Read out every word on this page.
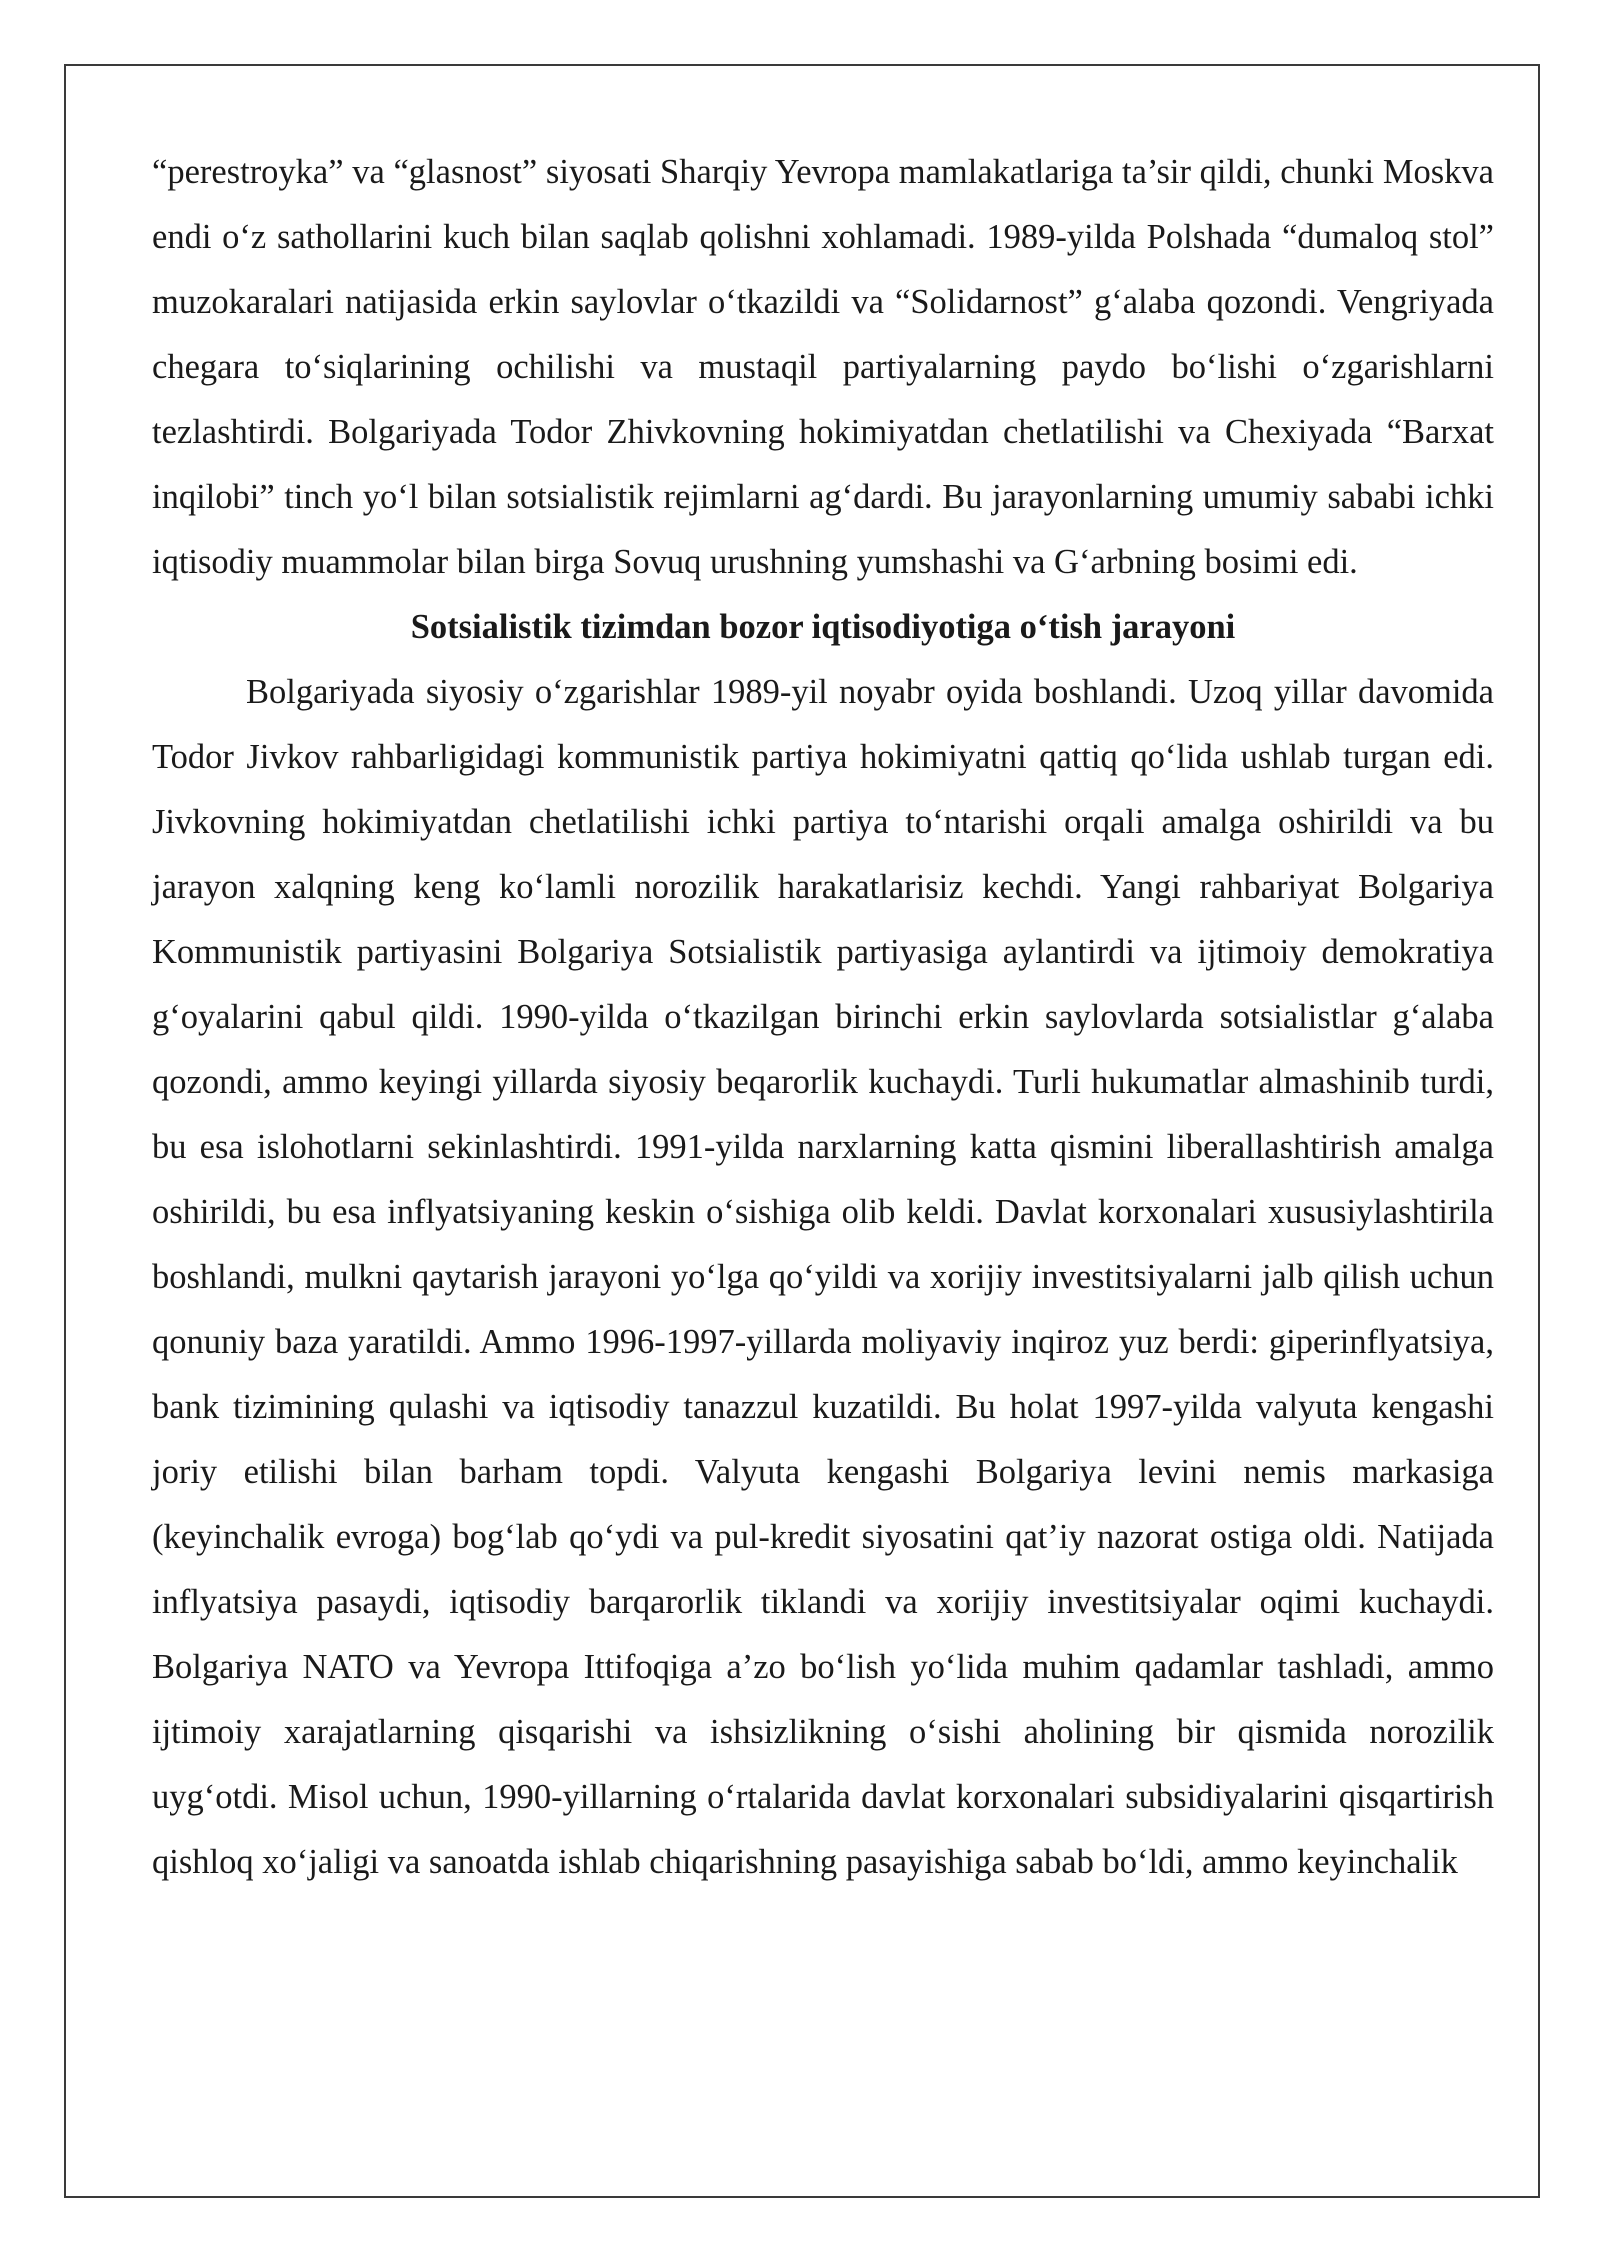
“perestroyka” va “glasnost” siyosati Sharqiy Yevropa mamlakatlariga ta’sir qildi, chunki Moskva endi o‘z sathollarini kuch bilan saqlab qolishni xohlamadi. 1989-yilda Polshada “dumaloq stol” muzokaralari natijasida erkin saylovlar o‘tkazildi va “Solidarnost” g‘alaba qozondi. Vengriyada chegara to‘siqlarining ochilishi va mustaqil partiyalarning paydo bo‘lishi o‘zgarishlarni tezlashtirdi. Bolgariyada Todor Zhivkovning hokimiyatdan chetlatilishi va Chexiyada “Barxat inqilobi” tinch yo‘l bilan sotsialistik rejimlarni ag‘dardi. Bu jarayonlarning umumiy sababi ichki iqtisodiy muammolar bilan birga Sovuq urushning yumshashi va G‘arbning bosimi edi.

Sotsialistik tizimdan bozor iqtisodiyotiga o‘tish jarayoni

Bolgariyada siyosiy o‘zgarishlar 1989-yil noyabr oyida boshlandi. Uzoq yillar davomida Todor Jivkov rahbarligidagi kommunistik partiya hokimiyatni qattiq qo‘lida ushlab turgan edi. Jivkovning hokimiyatdan chetlatilishi ichki partiya to‘ntarishi orqali amalga oshirildi va bu jarayon xalqning keng ko‘lamli norozilik harakatlarisiz kechdi. Yangi rahbariyat Bolgariya Kommunistik partiyasini Bolgariya Sotsialistik partiyasiga aylantirdi va ijtimoiy demokratiya g‘oyalarini qabul qildi. 1990-yilda o‘tkazilgan birinchi erkin saylovlarda sotsialistlar g‘alaba qozondi, ammo keyingi yillarda siyosiy beqarorlik kuchaydi. Turli hukumatlar almashinib turdi, bu esa islohotlarni sekinlashtirdi. 1991-yilda narxlarning katta qismini liberallashtirish amalga oshirildi, bu esa inflyatsiyaning keskin o‘sishiga olib keldi. Davlat korxonalari xususiylashtirila boshlandi, mulkni qaytarish jarayoni yo‘lga qo‘yildi va xorijiy investitsiyalarni jalb qilish uchun qonuniy baza yaratildi. Ammo 1996-1997-yillarda moliyaviy inqiroz yuz berdi: giperinflyatsiya, bank tizimining qulashi va iqtisodiy tanazzul kuzatildi. Bu holat 1997-yilda valyuta kengashi joriy etilishi bilan barham topdi. Valyuta kengashi Bolgariya levini nemis markasiga (keyinchalik evroga) bog‘lab qo‘ydi va pul-kredit siyosatini qat’iy nazorat ostiga oldi. Natijada inflyatsiya pasaydi, iqtisodiy barqarorlik tiklandi va xorijiy investitsiyalar oqimi kuchaydi. Bolgariya NATO va Yevropa Ittifoqiga a’zo bo‘lish yo‘lida muhim qadamlar tashladi, ammo ijtimoiy xarajatlarning qisqarishi va ishsizlikning o‘sishi aholining bir qismida norozilik uyg‘otdi. Misol uchun, 1990-yillarning o‘rtalarida davlat korxonalari subsidiyalarini qisqartirish qishloq xo‘jaligi va sanoatda ishlab chiqarishning pasayishiga sabab bo‘ldi, ammo keyinchalik
